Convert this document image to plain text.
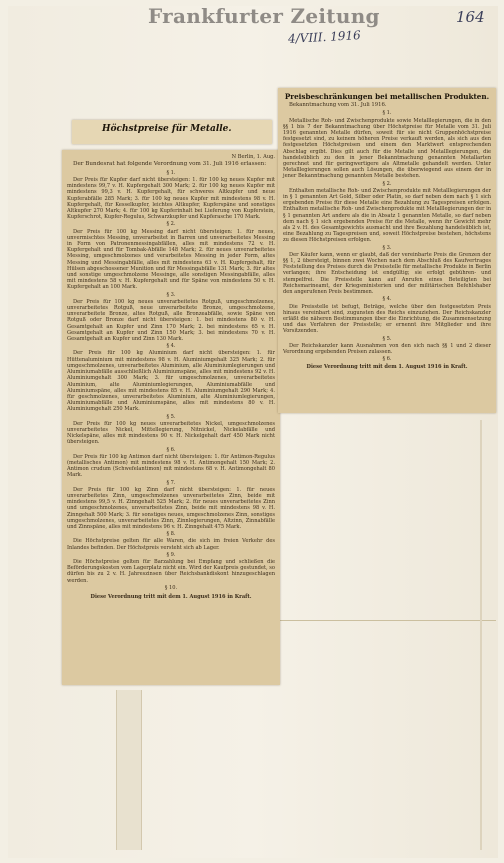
Frankfurter Zeitung
4/VIII. 1916
164
Höchstpreise für Metalle.

N Berlin, 1. Aug.

Der Bundesrat hat folgende Verordnung vom 31. Juli 1916 erlassen:

§ 1.

Der Preis für Kupfer darf nicht übersteigen: 1. für 100 kg neues Kupfer mit mindestens 99,7 v. H. Kupfergehalt 300 Mark; 2. für 100 kg neues Kupfer mit mindestens 99,3 v. H. Kupfergehalt, für schweres Altkupfer und neue Kupferabfälle 285 Mark; 3. für 100 kg neues Kupfer mit mindestens 98 v. H. Kupfergehalt, für Kesselkupfer, leichtes Altkupfer, Kupferspäne und sonstiges Altkupfer 270 Mark; 4. für 100 kg Kupferinhalt bei Lieferung von Kupferstein, Kupferschrot, Kupfer-Regulus, Schwarzkupfer und Kupferasche 170 Mark.

§ 2.

Der Preis für 100 kg Messing darf nicht übersteigen: 1. für neues, unvermischtes Messing, unverarbeitet in Barren und unverarbeitetes Messing in Form von Patronenmessingabfällen, alles mit mindestens 72 v. H. Kupfergehalt und für Tombak-Abfälle 148 Mark; 2. für neues unverarbeitetes Messing, umgeschmolzenes und verarbeitetes Messing in jeder Form, altes Messing und Messingabfälle, alles mit mindestens 63 v. H. Kupfergehalt, für Hülsen abgeschossener Munition und für Messingabfälle 131 Mark; 3. für altes und sonstige umgeschmolzene Messinge, alle sonstigen Messingabfälle, alles mit mindestens 58 v. H. Kupfergehalt und für Späne von mindestens 50 v. H. Kupfergehalt an 100 Mark.

§ 3.

Der Preis für 100 kg neues unverarbeitetes Rotguß, umgeschmolzenes, unverarbeitetes Rotguß, neue unverarbeitete Bronze, umgeschmolzene, unverarbeitete Bronze, altes Rotguß, alle Bronzeabfälle, sowie Späne von Rotguß oder Bronze darf nicht übersteigen: 1. bei mindestens 80 v. H. Gesamtgehalt an Kupfer und Zinn 170 Mark; 2. bei mindestens 65 v. H. Gesamtgehalt an Kupfer und Zinn 150 Mark; 3. bei mindestens 70 v. H. Gesamtgehalt an Kupfer und Zinn 130 Mark.

§ 4.

Der Preis für 100 kg Aluminium darf nicht übersteigen: 1. für Hüttenaluminium mit mindestens 98 v. H. Aluminiumgehalt 325 Mark; 2. für umgeschmolzenes, unverarbeitetes Aluminium, alle Aluminiumlegierungen und Aluminiumabfälle ausschließlich Aluminiumspäne, alles mit mindestens 92 v. H. Aluminiumgehalt 300 Mark; 3. für umgeschmolzenes, unverarbeitetes Aluminium, alte Aluminiumlegierungen, Aluminiumabfälle und Aluminiumspäne, alles mit mindestens 85 v. H. Aluminiumgehalt 290 Mark; 4. für geschmolzenes, unverarbeitetes Aluminium, alte Aluminiumlegierungen, Aluminiumabfälle und Aluminiumspäne, alles mit mindestens 80 v. H. Aluminiumgehalt 250 Mark.

§ 5.

Der Preis für 100 kg neues unverarbeitetes Nickel, umgeschmolzenes unverarbeitetes Nickel, Mittellegierung, Nitnickel, Nickelabfälle und Nickelspäne, alles mit mindestens 90 v. H. Nickelgehalt darf 450 Mark nicht übersteigen.

§ 6.

Der Preis für 100 kg Antimon darf nicht übersteigen: 1. für Antimon-Regulus (metallisches Antimon) mit mindestens 98 v. H. Antimongehalt 150 Mark; 2. Antimon crudum (Schwefelantimon) mit mindestens 68 v. H. Antimongehalt 80 Mark.

§ 7.

Der Preis für 100 kg Zinn darf nicht übersteigen: 1. für neues unverarbeitetes Zinn, umgeschmolzenes unverarbeitetes Zinn, beide mit mindestens 99,5 v. H. Zinngehalt 525 Mark; 2. für neues unverarbeitetes Zinn und umgeschmolzenes, unverarbeitetes Zinn, beide mit mindestens 98 v. H. Zinngehalt 500 Mark; 3. für sonstiges neues, umgeschmolzenes Zinn, sonstiges umgeschmolzenes, unverarbeitetes Zinn, Zinnlegierungen, Altzinn, Zinnabfälle und Zinnspäne, alles mit mindestens 96 v. H. Zinngehalt 475 Mark.

§ 8.

Die Höchstpreise gelten für alle Waren, die sich im freien Verkehr des Inlandes befinden. Der Höchstpreis versteht sich ab Lager.

§ 9.

Die Höchstpreise gelten für Barzahlung bei Empfang und schließen die Beförderungskosten vom Lagerplatz nicht ein. Wird der Kaufpreis gestundet, so dürfen bis zu 2 v. H. Jahreszinsen über Reichsbankdiskont hinzugeschlagen werden.

§ 10.

Diese Verordnung tritt mit dem 1. August 1916 in Kraft.

Preisbeschränkungen bei metallischen Produkten.

Bekanntmachung vom 31. Juli 1916.

§ 1.

Metallische Roh- und Zwischenprodukte sowie Metalllegierungen, die in den §§ 1 bis 7 der Bekanntmachung über Höchstpreise für Metalle vom 31. Juli 1916 genannten Metalle dürfen, soweit für sie nicht Gruppenhöchstpreise festgesetzt sind, zu keinem höheren Preise verkauft werden, als sich aus den festgesetzten Höchstpreisen und einem den Marktwert entsprechenden Abschlag ergibt. Dies gilt auch für die Metalle und Metalllegierungen, die handelsüblich zu den in jener Bekanntmachung genannten Metallarten gerechnet und für geringwertigere als Altmetalle gehandelt werden. Unter Metalllegierungen sollen auch Lösungen, die überwiegend aus einem der in jener Bekanntmachung genannten Metalle bestehen.

§ 2.

Enthalten metallische Roh- und Zwischenprodukte mit Metalllegierungen der in § 1 genannten Art Gold, Silber oder Platin, so darf neben dem nach § 1 sich ergebenden Preise für diese Metalle eine Bezahlung zu Tagespreisen erfolgen. Enthalten metallische Roh- und Zwischenprodukte mit Metalllegierungen der in § 1 genannten Art andere als die in Absatz 1 genannten Metalle, so darf neben dem nach § 1 sich ergebenden Preise für die Metalle, wenn ihr Gewicht mehr als 2 v. H. des Gesamtgewichts ausmacht und ihre Bezahlung handelsüblich ist, eine Bezahlung zu Tagespreisen und, soweit Höchstpreise bestehen, höchstens zu diesen Höchstpreisen erfolgen.

§ 3.

Der Käufer kann, wenn er glaubt, daß der vereinbarte Preis die Grenzen der §§ 1, 2 übersteigt, binnen zwei Wochen nach dem Abschluß des Kaufvertrages Feststellung des Preises durch die Preisstelle für metallische Produkte in Berlin verlangen; ihre Entscheidung ist endgültig; sie erfolgt gebühren- und stempelfrei. Die Preisstelle kann auf Anrufen eines Beteiligten bei Reichsmarineamt, der Kriegsministerien und der militärischen Befehlshaber den angerufenen Preis bestimmen.

§ 4.

Die Preisstelle ist befugt, Beträge, welche über den festgesetzten Preis hinaus vereinbart sind, zugunsten des Reichs einzuziehen. Der Reichskanzler erläßt die näheren Bestimmungen über die Einrichtung, die Zusammensetzung und das Verfahren der Preisstelle; er ernennt ihre Mitglieder und ihre Vorsitzenden.

§ 5.

Der Reichskanzler kann Ausnahmen von den sich nach §§ 1 und 2 dieser Verordnung ergebenden Preisen zulassen.

§ 6.

Diese Verordnung tritt mit dem 1. August 1916 in Kraft.
